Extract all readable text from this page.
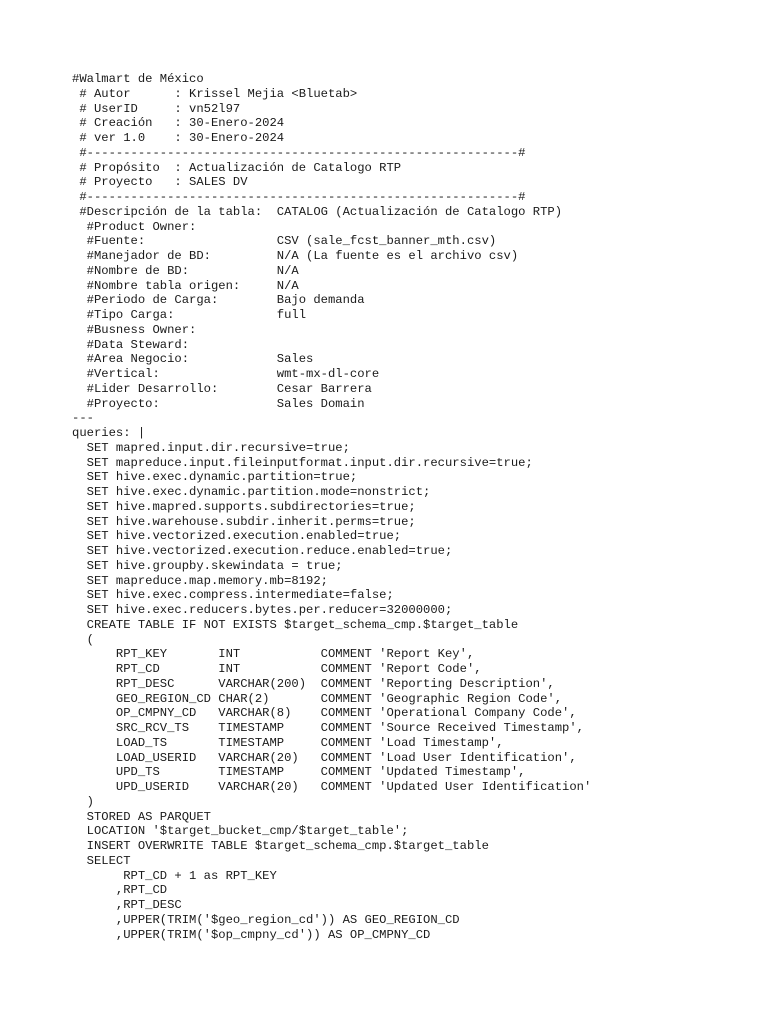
#Walmart de México
# Autor      : Krissel Mejia <Bluetab>
# UserID     : vn52l97
# Creación   : 30-Enero-2024
# ver 1.0    : 30-Enero-2024
#-----------------------------------------------------------#
# Propósito  : Actualización de Catalogo RTP
# Proyecto   : SALES DV
#-----------------------------------------------------------#
#Descripción de la tabla:  CATALOG (Actualización de Catalogo RTP)
#Product Owner:
#Fuente:                  CSV (sale_fcst_banner_mth.csv)
#Manejador de BD:         N/A (La fuente es el archivo csv)
#Nombre de BD:            N/A
#Nombre tabla origen:     N/A
#Periodo de Carga:        Bajo demanda
#Tipo Carga:              full
#Busness Owner:
#Data Steward:
#Area Negocio:            Sales
#Vertical:                wmt-mx-dl-core
#Lider Desarrollo:        Cesar Barrera
#Proyecto:                Sales Domain
---
queries: |
SET mapred.input.dir.recursive=true;
SET mapreduce.input.fileinputformat.input.dir.recursive=true;
SET hive.exec.dynamic.partition=true;
SET hive.exec.dynamic.partition.mode=nonstrict;
SET hive.mapred.supports.subdirectories=true;
SET hive.warehouse.subdir.inherit.perms=true;
SET hive.vectorized.execution.enabled=true;
SET hive.vectorized.execution.reduce.enabled=true;
SET hive.groupby.skewindata = true;
SET mapreduce.map.memory.mb=8192;
SET hive.exec.compress.intermediate=false;
SET hive.exec.reducers.bytes.per.reducer=32000000;
CREATE TABLE IF NOT EXISTS $target_schema_cmp.$target_table
(
RPT_KEY       INT           COMMENT 'Report Key',
RPT_CD        INT           COMMENT 'Report Code',
RPT_DESC      VARCHAR(200)  COMMENT 'Reporting Description',
GEO_REGION_CD CHAR(2)       COMMENT 'Geographic Region Code',
OP_CMPNY_CD   VARCHAR(8)    COMMENT 'Operational Company Code',
SRC_RCV_TS    TIMESTAMP     COMMENT 'Source Received Timestamp',
LOAD_TS       TIMESTAMP     COMMENT 'Load Timestamp',
LOAD_USERID   VARCHAR(20)   COMMENT 'Load User Identification',
UPD_TS        TIMESTAMP     COMMENT 'Updated Timestamp',
UPD_USERID    VARCHAR(20)   COMMENT 'Updated User Identification'
)
STORED AS PARQUET
LOCATION '$target_bucket_cmp/$target_table';
INSERT OVERWRITE TABLE $target_schema_cmp.$target_table
SELECT
RPT_CD + 1 as RPT_KEY
,RPT_CD
,RPT_DESC
,UPPER(TRIM('$geo_region_cd')) AS GEO_REGION_CD
,UPPER(TRIM('$op_cmpny_cd')) AS OP_CMPNY_CD
